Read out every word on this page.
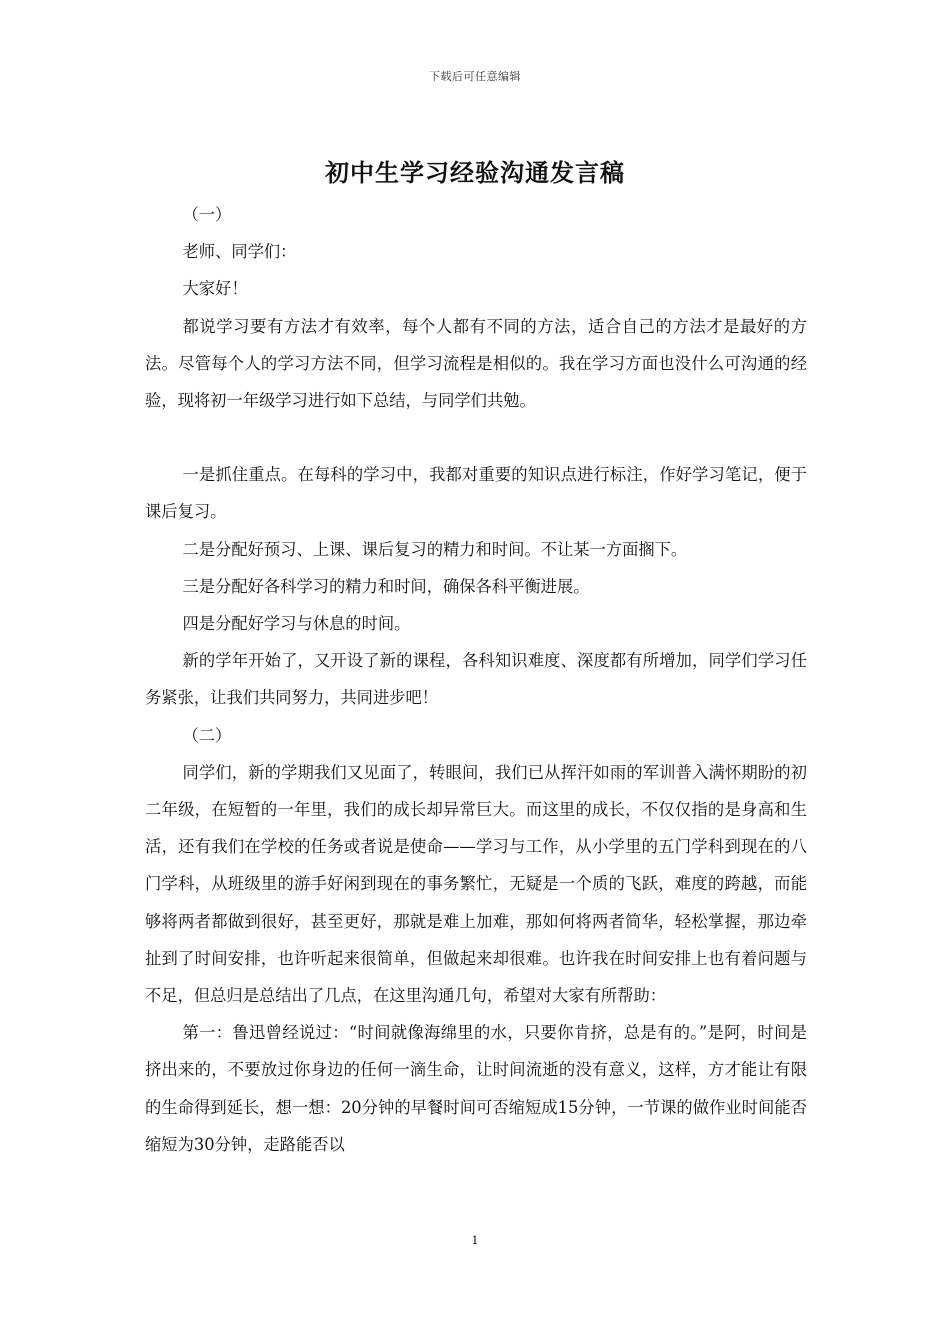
下载后可任意编辑
初中生学习经验沟通发言稿

（一）

老师、同学们：

大家好！

都说学习要有方法才有效率，每个人都有不同的方法，适合自己的方法才是最好的方法。尽管每个人的学习方法不同，但学习流程是相似的。我在学习方面也没什么可沟通的经验，现将初一年级学习进行如下总结，与同学们共勉。

一是抓住重点。在每科的学习中，我都对重要的知识点进行标注，作好学习笔记，便于课后复习。

二是分配好预习、上课、课后复习的精力和时间。不让某一方面搁下。

三是分配好各科学习的精力和时间，确保各科平衡进展。

四是分配好学习与休息的时间。

新的学年开始了，又开设了新的课程，各科知识难度、深度都有所增加，同学们学习任务紧张，让我们共同努力，共同进步吧！

（二）

同学们，新的学期我们又见面了，转眼间，我们已从挥汗如雨的军训普入满怀期盼的初二年级，在短暂的一年里，我们的成长却异常巨大。而这里的成长，不仅仅指的是身高和生活，还有我们在学校的任务或者说是使命——学习与工作，从小学里的五门学科到现在的八门学科，从班级里的游手好闲到现在的事务繁忙，无疑是一个质的飞跃，难度的跨越，而能够将两者都做到很好，甚至更好，那就是难上加难，那如何将两者简华，轻松掌握，那边牵扯到了时间安排，也许听起来很简单，但做起来却很难。也许我在时间安排上也有着问题与不足，但总归是总结出了几点，在这里沟通几句，希望对大家有所帮助：

第一：鲁迅曾经说过：“时间就像海绵里的水，只要你肯挤，总是有的。”是阿，时间是挤出来的，不要放过你身边的任何一滴生命，让时间流逝的没有意义，这样，方才能让有限的生命得到延长，想一想：20分钟的早餐时间可否缩短成15分钟，一节课的做作业时间能否缩短为30分钟，走路能否以

1
